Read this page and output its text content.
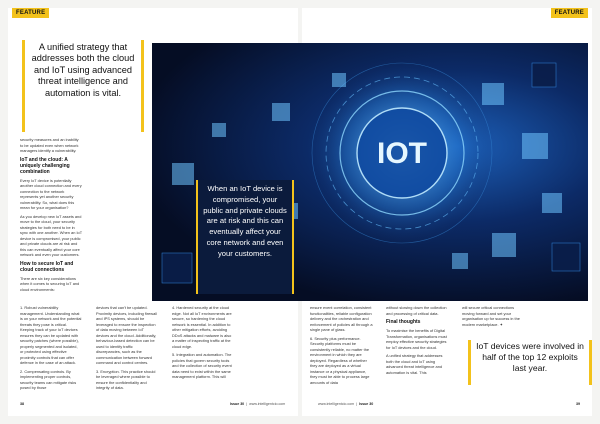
FEATURE	FEATURE
IOT
A unified strategy that addresses both the cloud and IoT using advanced threat intelligence and automation is vital.
When an IoT device is compromised, your public and private clouds are at risk and this can eventually affect your core network and even your customers.

security measures and an inability to be updated even when network managers identify a vulnerability.

IoT and the cloud: A uniquely challenging combination

Every IoT device is potentially another cloud connection and every connection to the network represents yet another security vulnerability. So, what does this mean for your organisation?

As you develop new IoT assets and move to the cloud, your security strategies for both need to be in sync with one another. When an IoT device is compromised, your public and private clouds are at risk and this can eventually affect your core network and even your customers.

How to secure IoT and cloud connections

There are six key considerations when it comes to securing IoT and cloud environments:

1. Robust vulnerability management. Understanding what is on your network and the potential threats they pose is critical. Keeping track of your IoT devices ensures they can be updated with security patches (where possible), properly segmented and isolated, or protected using effective proximity controls that can offer defence in the case of an attack.

2. Compensating controls. By implementing proper controls, security teams can mitigate risks posed by those

devices that can't be updated. Proximity devices, including firewall and IPS systems, should be leveraged to ensure the inspection of data moving between IoT devices and the cloud. Additionally, behaviour-based detection can be used to identify traffic discrepancies, such as the communication between forward command and control centres.

3. Encryption. This practice should be leveraged where possible to ensure the confidentiality and integrity of data.

4. Hardened security at the cloud edge. Not all IoT environments are secure, so hardening the cloud network is essential. In addition to other mitigation efforts, avoiding DDoS attacks and malware is also a matter of inspecting traffic at the cloud edge.

5. Integration and automation. The policies that govern security tools and the collection of security event data need to exist within the same management platform. This will

ensure event correlation, consistent functionalities, reliable configuration delivery and the orchestration and enforcement of policies all through a single pane of glass.

6. Security plus performance. Security platforms must be consistently reliable, no matter the environment in which they are deployed. Regardless of whether they are deployed as a virtual instance or a physical appliance, they must be able to process large amounts of data

without slowing down the collection and processing of critical data.

Final thoughts

To maximise the benefits of Digital Transformation, organisations must employ effective security strategies for IoT devices and the cloud.

A unified strategy that addresses both the cloud and IoT using advanced threat intelligence and automation is vital. This

will secure critical connections moving forward and set your organisation up for success in the modern marketplace. ✦

IoT devices were involved in half of the top 12 exploits last year.
38	Issue 30  |  www.intelligentcio.com	www.intelligentcio.com  |  Issue 30	39
